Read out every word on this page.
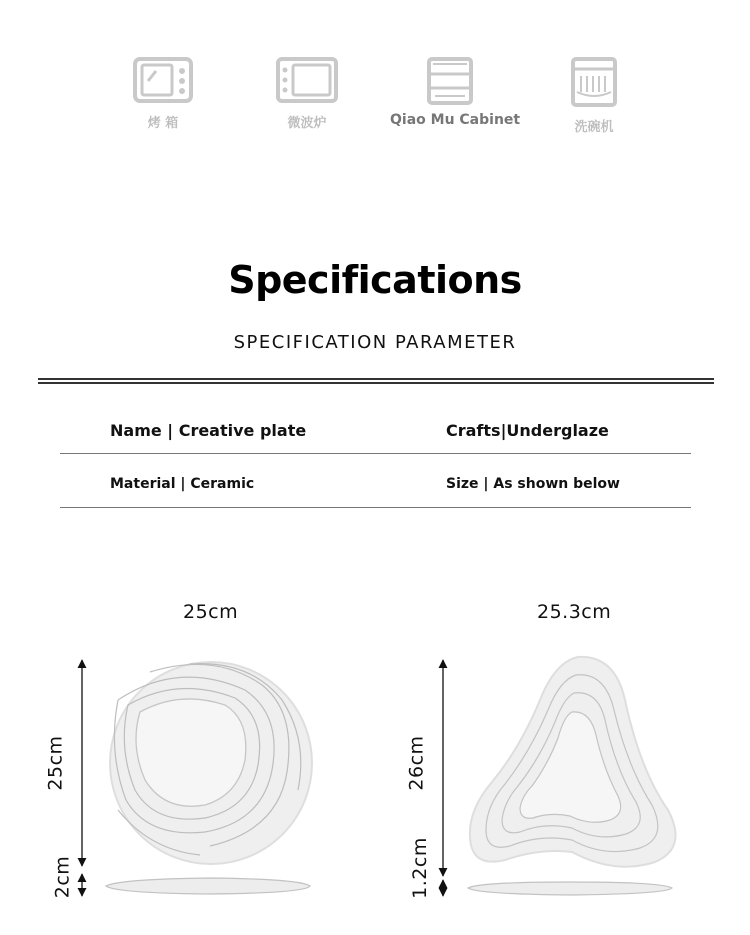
烤 箱	微波炉	Qiao Mu Cabinet	洗碗机
Specifications
SPECIFICATION PARAMETER
Name | Creative plate	Crafts|Underglaze
Material | Ceramic	Size | As shown below
25cm
25cm
2cm
25.3cm
26cm
1.2cm
